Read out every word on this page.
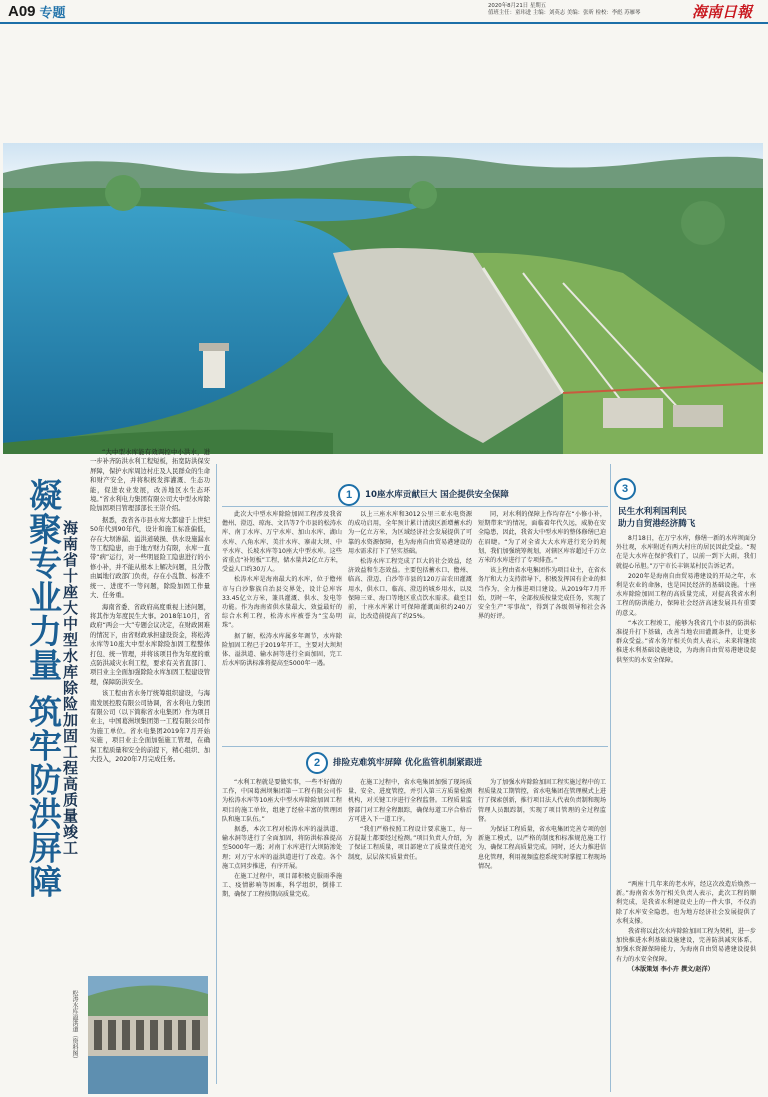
A09 专题	2020年8月21日 星期五
值班主任：童玮进 主编：刘英志 美编：张昕 检校：李彪 苏雁琴	海南日報
凝聚专业力量 筑牢防洪屏障
海南省十座大中型水库除险加固工程高质量竣工

“大中型水库能有效调控中小洪水，进一步补齐防洪水利工程短板，拓宽防洪保安屏障，保护水库周边村庄及人民群众的生命和财产安全，并将积极发挥灌溉、生态功能，促进农业发展，改善地区水生态环境。”省水利电力集团有限公司大中型水库除险加固项目管理部部长王崇介绍。

据悉，我省各市县水库大都建于上世纪50年代到90年代，设计和施工标准偏低，存在大坝渗漏、溢洪道破损、供水设施漏水等工程隐患，由于地方财力有限，水库一直带“病”运行，对一些明显险工隐患进行的小修小补，并不能从根本上解决问题，且分散由属地行政部门负责，存在小乱散、标准不统一、进度不一等问题，除险加固工作量大、任务重。

海南省委、省政府高度重视上述问题，将其作为年度民生大事。2018年10月，省政府“两会一大”专题会议决定，在财政困难的情况下，由省财政承担建设资金，将松涛水库等10座大中型水库除险加固工程整体打包、统一管理，并将该项目作为年度的重点防洪减灾水利工程，要求有关省直部门、项目业主全面加强除险水库加固工程建设管理，保障防洪安全。

该工程由省水务厅统筹组织建设，与海南发展控股有限公司协调，省水利电力集团有限公司（以下简称省水电集团）作为项目业主，中国葛洲坝集团第一工程有限公司作为施工单位。省水电集团2019年7月开始实施 ，项目业主全面加强施工管理，在确保工程质量和安全的前提下，精心组织、加大投入，2020年7月完成任务。

松涛水库溢洪道（资料图）
1	10座水库贡献巨大 国企提供安全保障	3
民生水利利国利民
助力自贸港经济腾飞

此次大中型水库除险加固工程涉及我省儋州、澄迈、琼海、文昌等7个市县的松涛水库、南丁水库、万宁水库、加山水库、湖山水库、八角水库、美汁水库、寨肃大坝、中平水库、长坡水库等10座大中型水库。这些省重点“补短板”工程，储水量共2亿立方米，受益人口约30万人。

松涛水库是海南最大的水库，位于儋州市与白沙黎族自治县交界处，设计总库容33.45亿立方米，兼具灌溉、供水、发电等功能。作为海南省供水量最大、效益最好的综合水利工程，松涛水库被誉为“宝岛明珠”。

据了解，松涛水库属多年调节，水库除险加固工程已于2019年开工，主要对大坝坝体、溢洪道、输水洞等进行全面加固，完工后水库防洪标准将提高至5000年一遇。

以上三座水库和3012公里三亚水电资源的成功启用，全年预计累计清淡区新增蓄水约为一亿立方米，为区域经济社会发展提供了可靠的水资源保障，也为海南自由贸易港建设的用水需求打下了坚实基础。

松涛水库工程完成了巨大的社会效益，经济效益和生态效益。主要包括蓄水口、儋州、临高、澄迈、白沙等市县的120万亩农田灌溉用水，供水口、临高、澄迈的城乡用水，以及保障三亚、海口等地区重点饮水需求。截至目前，十座水库累计可保障灌溉面积约240万亩，比改造前提高了约25%。

同，对水利的保障上作均存在“小修小补，短期带来”的情况，面临着年代久远，威胁在安全隐患，因此，我省大中型水库的整体修缮已迫在眉睫。“为了对全省大大水库进行充分的规划，我们加强统筹规划，对辖区库容超过千万立方米的水库进行了专项排查。”

该上程由省水电集团作为项目业主，在省水务厅和大力支持指导下，积极发挥国有企业的担当作为，全力推进项目建设。从2019年7月开始，历时一年，全部按质按量完成任务，实现了安全生产“零事故”，得到了各级领导和社会各界的好评。

8月18日，在万宁水库，修缮一新的水库坝面分外壮观，水库附近有两大村庄的居民因此受益。“现在是大水库在保护我们了，以前一到下大雨，我们就提心吊胆。”万宁市长丰镇某村民告诉记者。

2020年是海南自由贸易港建设的开局之年，水利是农业的命脉，也是国民经济的基础设施。十座水库除险加固工程的高质量完成，对提高我省水利工程的防洪能力，保障社会经济高速发展具有重要的意义。

“本次工程竣工，能够为我省几个市县的防洪标准提升打下基础，改善当地农田灌溉条件，让更多群众受益。”省水务厅相关负责人表示，未来将继续推进水利基础设施建设，为海南自由贸易港建设提供坚实的水安全保障。

2	排险克难筑牢屏障 优化监管机制紧跟进

“水利工程就是要做实事，一些不好做的工作，中国葛洲坝集团第一工程有限公司作为松涛水库等10座大中型水库除险加固工程项目的施工单位，组建了经验丰富的管理团队和施工队伍。”

据悉，本次工程对松涛水库的溢洪道、输水洞等进行了全面加固，将防洪标准提高至5000年一遇；对南丁水库进行大坝防渗处理；对万宁水库的溢洪道进行了改造。各个施工点同步推进，有序开展。

在施工过程中，项目部积极克服雨季施工、疫情影响等困难，科学组织，倒排工期，确保了工程按期高质量完成。

在施工过程中，省水电集团加强了现场质量、安全、进度管控，并引入第三方质量检测机构，对关键工序进行全程监督。工程质量监督部门对工程全程跟踪，确保每道工序合格后方可进入下一道工序。

“我们严格按照工程设计要求施工，每一方混凝土都要经过检测。”项目负责人介绍，为了保证工程质量，项目部建立了质量责任追究制度，层层落实质量责任。

为了加强水库除险加固工程实施过程中的工程质量及工期管控，省水电集团在管理模式上进行了探索创新，推行项目法人代表负责制和现场管理人员跟踪制，实现了项目管理的全过程监督。

为保证工程质量，省水电集团完善专项的创新施工模式，以严格的制度和标准规范施工行为，确保工程高质量完成。同时，还大力推进信息化管理，利用视频监控系统实时掌握工程现场情况。

“两座十几年来的老水库，经这次改造后焕然一新。”海南省水务厅相关负责人表示，此次工程的顺利完成，是我省水利建设史上的一件大事，不仅消除了水库安全隐患，也为地方经济社会发展提供了水利支撑。

我省将以此次水库除险加固工程为契机，进一步加快推进水利基础设施建设，完善防洪减灾体系，加强水资源保障能力，为海南自由贸易港建设提供有力的水安全保障。

（本版策划 李小卉 撰文/赵洋）
